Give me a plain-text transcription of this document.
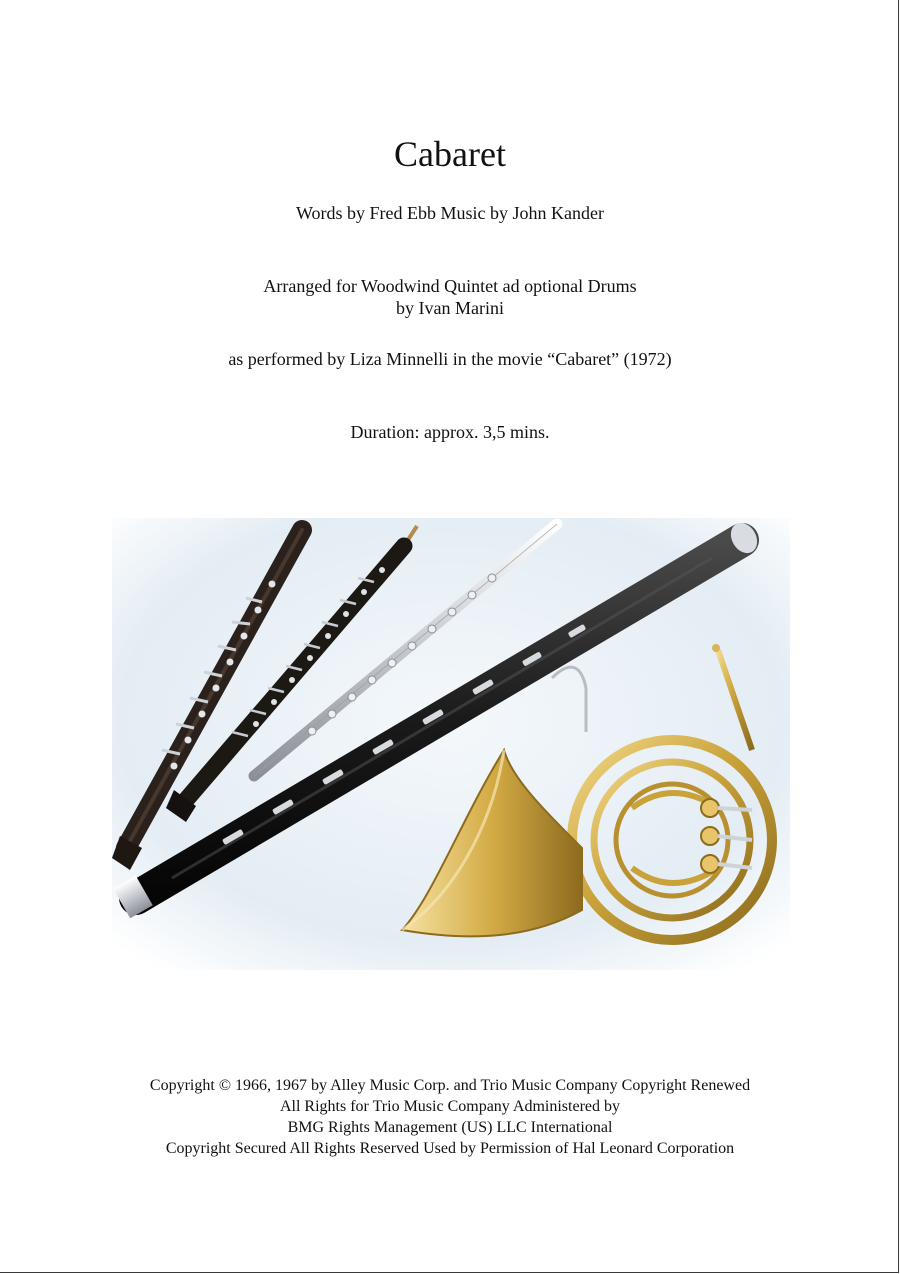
Cabaret
Words by Fred Ebb Music by John Kander
Arranged for Woodwind Quintet ad optional Drums
by Ivan Marini
as performed by Liza Minnelli in the movie “Cabaret” (1972)
Duration: approx. 3,5 mins.
Copyright © 1966, 1967 by Alley Music Corp. and Trio Music Company Copyright Renewed
All Rights for Trio Music Company Administered by
BMG Rights Management (US) LLC International
Copyright Secured All Rights Reserved Used by Permission of Hal Leonard Corporation
